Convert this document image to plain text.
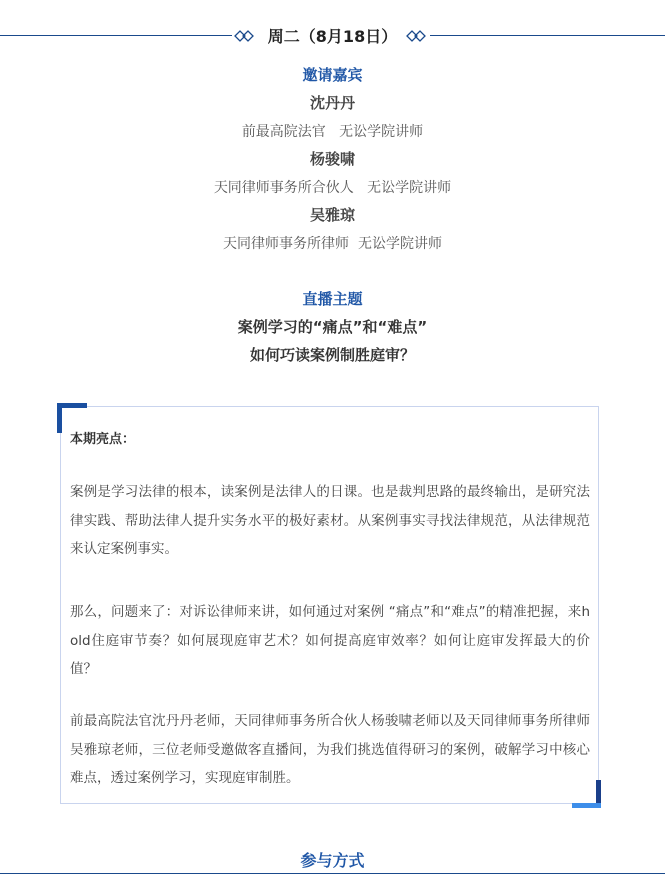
周二（8月18日）
邀请嘉宾
沈丹丹
前最高院法官   无讼学院讲师
杨骏啸
天同律师事务所合伙人   无讼学院讲师
吴雅琼
天同律师事务所律师  无讼学院讲师
直播主题
案例学习的“痛点”和“难点”
如何巧读案例制胜庭审？
本期亮点：
案例是学习法律的根本，读案例是法律人的日课。也是裁判思路的最终输出，是研究法律实践、帮助法律人提升实务水平的极好素材。从案例事实寻找法律规范，从法律规范来认定案例事实。
那么，问题来了：对诉讼律师来讲，如何通过对案例 “痛点”和“难点”的精准把握，来hold住庭审节奏？如何展现庭审艺术？如何提高庭审效率？如何让庭审发挥最大的价值？
前最高院法官沈丹丹老师，天同律师事务所合伙人杨骏啸老师以及天同律师事务所律师吴雅琼老师，三位老师受邀做客直播间，为我们挑选值得研习的案例，破解学习中核心难点，透过案例学习，实现庭审制胜。
参与方式
